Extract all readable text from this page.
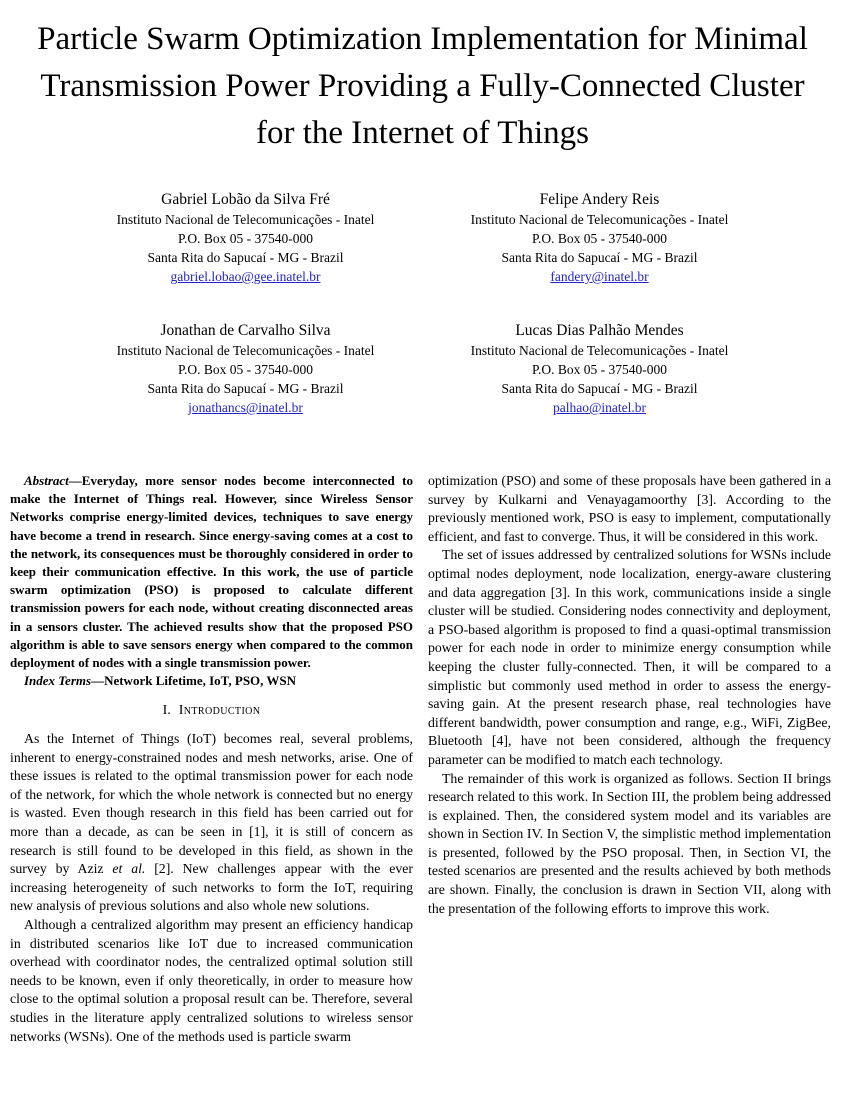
Particle Swarm Optimization Implementation for Minimal Transmission Power Providing a Fully-Connected Cluster for the Internet of Things
Gabriel Lobão da Silva Fré
Instituto Nacional de Telecomunicações - Inatel
P.O. Box 05 - 37540-000
Santa Rita do Sapucaí - MG - Brazil
gabriel.lobao@gee.inatel.br
Felipe Andery Reis
Instituto Nacional de Telecomunicações - Inatel
P.O. Box 05 - 37540-000
Santa Rita do Sapucaí - MG - Brazil
fandery@inatel.br
Jonathan de Carvalho Silva
Instituto Nacional de Telecomunicações - Inatel
P.O. Box 05 - 37540-000
Santa Rita do Sapucaí - MG - Brazil
jonathancs@inatel.br
Lucas Dias Palhão Mendes
Instituto Nacional de Telecomunicações - Inatel
P.O. Box 05 - 37540-000
Santa Rita do Sapucaí - MG - Brazil
palhao@inatel.br

Abstract—Everyday, more sensor nodes become interconnected to make the Internet of Things real. However, since Wireless Sensor Networks comprise energy-limited devices, techniques to save energy have become a trend in research. Since energy-saving comes at a cost to the network, its consequences must be thoroughly considered in order to keep their communication effective. In this work, the use of particle swarm optimization (PSO) is proposed to calculate different transmission powers for each node, without creating disconnected areas in a sensors cluster. The achieved results show that the proposed PSO algorithm is able to save sensors energy when compared to the common deployment of nodes with a single transmission power.

Index Terms—Network Lifetime, IoT, PSO, WSN

I. Introduction

As the Internet of Things (IoT) becomes real, several problems, inherent to energy-constrained nodes and mesh networks, arise. One of these issues is related to the optimal transmission power for each node of the network, for which the whole network is connected but no energy is wasted. Even though research in this field has been carried out for more than a decade, as can be seen in [1], it is still of concern as research is still found to be developed in this field, as shown in the survey by Aziz et al. [2]. New challenges appear with the ever increasing heterogeneity of such networks to form the IoT, requiring new analysis of previous solutions and also whole new solutions.

Although a centralized algorithm may present an efficiency handicap in distributed scenarios like IoT due to increased communication overhead with coordinator nodes, the centralized optimal solution still needs to be known, even if only theoretically, in order to measure how close to the optimal solution a proposal result can be. Therefore, several studies in the literature apply centralized solutions to wireless sensor networks (WSNs). One of the methods used is particle swarm

optimization (PSO) and some of these proposals have been gathered in a survey by Kulkarni and Venayagamoorthy [3]. According to the previously mentioned work, PSO is easy to implement, computationally efficient, and fast to converge. Thus, it will be considered in this work.

The set of issues addressed by centralized solutions for WSNs include optimal nodes deployment, node localization, energy-aware clustering and data aggregation [3]. In this work, communications inside a single cluster will be studied. Considering nodes connectivity and deployment, a PSO-based algorithm is proposed to find a quasi-optimal transmission power for each node in order to minimize energy consumption while keeping the cluster fully-connected. Then, it will be compared to a simplistic but commonly used method in order to assess the energy-saving gain. At the present research phase, real technologies have different bandwidth, power consumption and range, e.g., WiFi, ZigBee, Bluetooth [4], have not been considered, although the frequency parameter can be modified to match each technology.

The remainder of this work is organized as follows. Section II brings research related to this work. In Section III, the problem being addressed is explained. Then, the considered system model and its variables are shown in Section IV. In Section V, the simplistic method implementation is presented, followed by the PSO proposal. Then, in Section VI, the tested scenarios are presented and the results achieved by both methods are shown. Finally, the conclusion is drawn in Section VII, along with the presentation of the following efforts to improve this work.
